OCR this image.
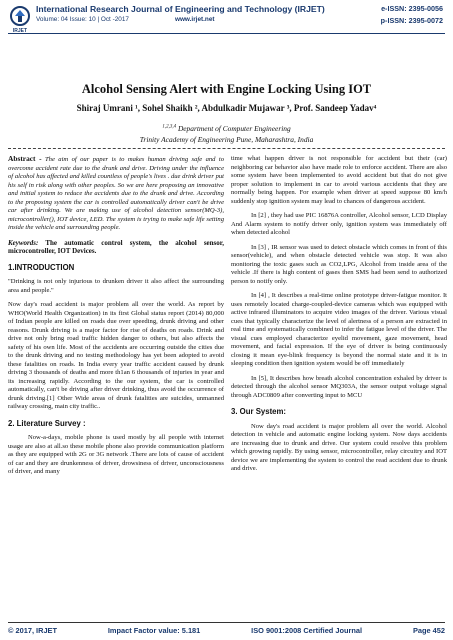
IRJET
International Research Journal of Engineering and Technology (IRJET)
Volume: 04 Issue: 10 | Oct -2017	www.irjet.net
e-ISSN: 2395-0056
p-ISSN: 2395-0072
Alcohol Sensing Alert with Engine Locking Using IOT
Shiraj Umrani ¹, Sohel Shaikh ², Abdulkadir Mujawar ³, Prof. Sandeep Yadav⁴
$^{1,2,3,4}$ Department of Computer Engineering
Trinity Academy of Engineering Pune, Maharashtra, India

Abstract - The aim of our paper is to makes human driving safe and to overcome accident rate due to the drunk and drive. Driving under the influence of alcohol has affected and killed countless of people's lives . due drink driver put his self in risk along with other peoples. So we are here proposing an innovative and initial system to reduce the accidents due to the drunk and drive. According to the proposing system the car is controlled automatically driver can't be drive car after drinking. We are making use of alcohol detection sensor(MQ-3), microcontroller(), IOT device, LED. The system is trying to make safe life setting inside the vehicle and surrounding people.

Keywords: The automatic control system, the alcohol sensor, microcontroller, IOT Devices.

1.INTRODUCTION

"Drinking is not only injurious to drunken driver it also affect the surrounding area and people."

Now day's road accident is major problem all over the world. As report by WHO(World Health Organization) in its first Global status report (2014) 80,000 of Indian people are killed on roads due over speeding, drunk driving and other reasons. Drunk driving is a major factor for rise of deaths on roads. Drink and drive not only bring road traffic hidden danger to others, but also affects the safety of his own life. Most of the accidents are occurring outside the cities due to the drunk driving and no testing methodology has yet been adopted to avoid these fatalities on roads. In India every year traffic accident caused by drunk driving 3 thousands of deaths and more th1an 6 thousands of injuries in year and its increasing rapidly. According to the our system, the car is controlled automatically, can't be driving after driver drinking, thus avoid the occurrence of drunk driving.[1] Other Wide areas of drunk fatalities are suicides, unmanned railway crossing, main city traffic..

2. Literature Survey :

Now-a-days, mobile phone is used mostly by all people with internet usage are also at all.so these mobile phone also provide communication platform as they are equipped with 2G or 3G network .There are lots of cause of accident of car and they are drunkenness of driver, drowsiness of driver, unconsciousness of driver, and many

time what happen driver is not responsible for accident but their (car) neighboring car behavior also have made role to enforce accident. There are also some system have been implemented to avoid accident but that do not give proper solution to implement in car to avoid various accidents that they are normally being happen. For example when driver at speed suppose 80 km/h suddenly stop ignition system may lead to chances of dangerous accident.

In [2] , they had use PIC 16876A controller, Alcohol sensor, LCD Display And Alarm system to notify driver only, ignition system was immediately off when detected alcohol

In [3] , IR sensor was used to detect obstacle which comes in front of this sensor(vehicle), and when obstacle detected vehicle was stop. It was also monitoring the toxic gases such as CO2,LPG, Alcohol from inside area of the vehicle .If there is high content of gases then SMS had been send to authorized person to notify only.

In [4] , It describes a real-time online prototype driver-fatigue monitor. It uses remotely located charge-coupled-device cameras which was equipped with active infrared illuminators to acquire video images of the driver. Various visual cues that typically characterize the level of alertness of a person are extracted in real time and systematically combined to infer the fatigue level of the driver. The visual cues employed characterize eyelid movement, gaze movement, head movement, and facial expression. If the eye of driver is being continuously closing it mean eye-blink frequency is beyond the normal state and it is in sleeping condition then ignition system would be off immediately

In [5], It describes how breath alcohol concentration exhaled by driver is detected through the alcohol sensor MQ303A, the sensor output voltage signal through ADC0809 after converting input to MCU

3. Our System:

Now day's road accident is major problem all over the world. Alcohol detection in vehicle and automatic engine locking system. Now days accidents are increasing due to drunk and drive. Our system could resolve this problem which growing rapidly. By using sensor, microcontroller, relay circuitry and IOT device we are implementing the system to control the read accident due to drunk and drive.

© 2017, IRJET	Impact Factor value: 5.181	ISO 9001:2008 Certified Journal	Page 452
